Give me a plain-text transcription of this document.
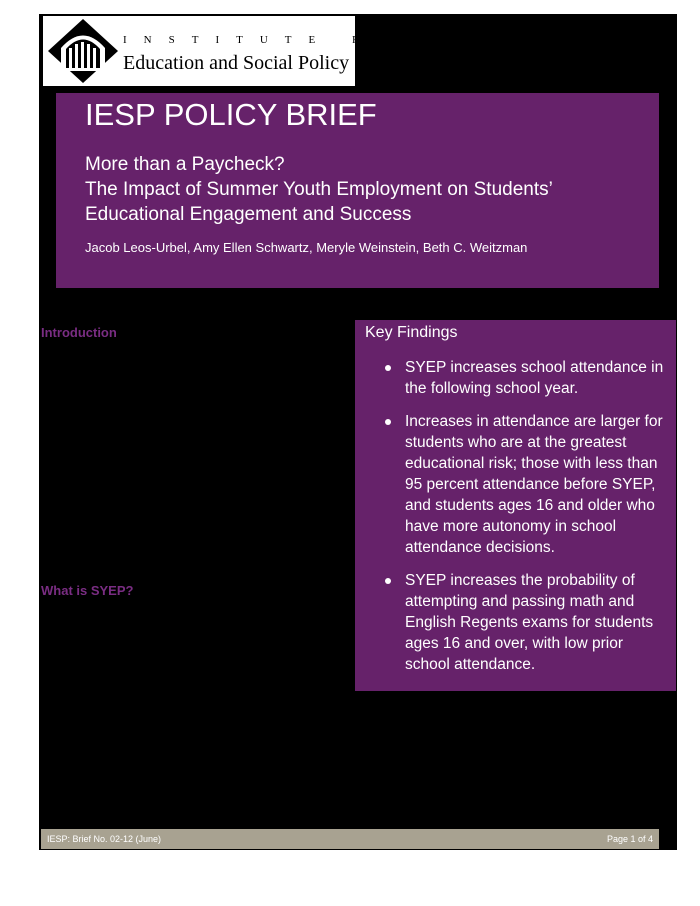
INSTITUTE FOR
Education and Social Policy
IESP POLICY BRIEF
More than a Paycheck?
The Impact of Summer Youth Employment on Students’
Educational Engagement and Success
Jacob Leos-Urbel, Amy Ellen Schwartz, Meryle Weinstein, Beth C. Weitzman
Introduction
What is SYEP?
Key Findings
SYEP increases school attendance in the following school year.
Increases in attendance are larger for students who are at the greatest educational risk; those with less than 95 percent attendance before SYEP, and students ages 16 and older who have more autonomy in school attendance decisions.
SYEP increases the probability of attempting and passing math and English Regents exams for students ages 16 and over, with low prior school attendance.
IESP: Brief No. 02-12 (June)	Page 1 of 4
